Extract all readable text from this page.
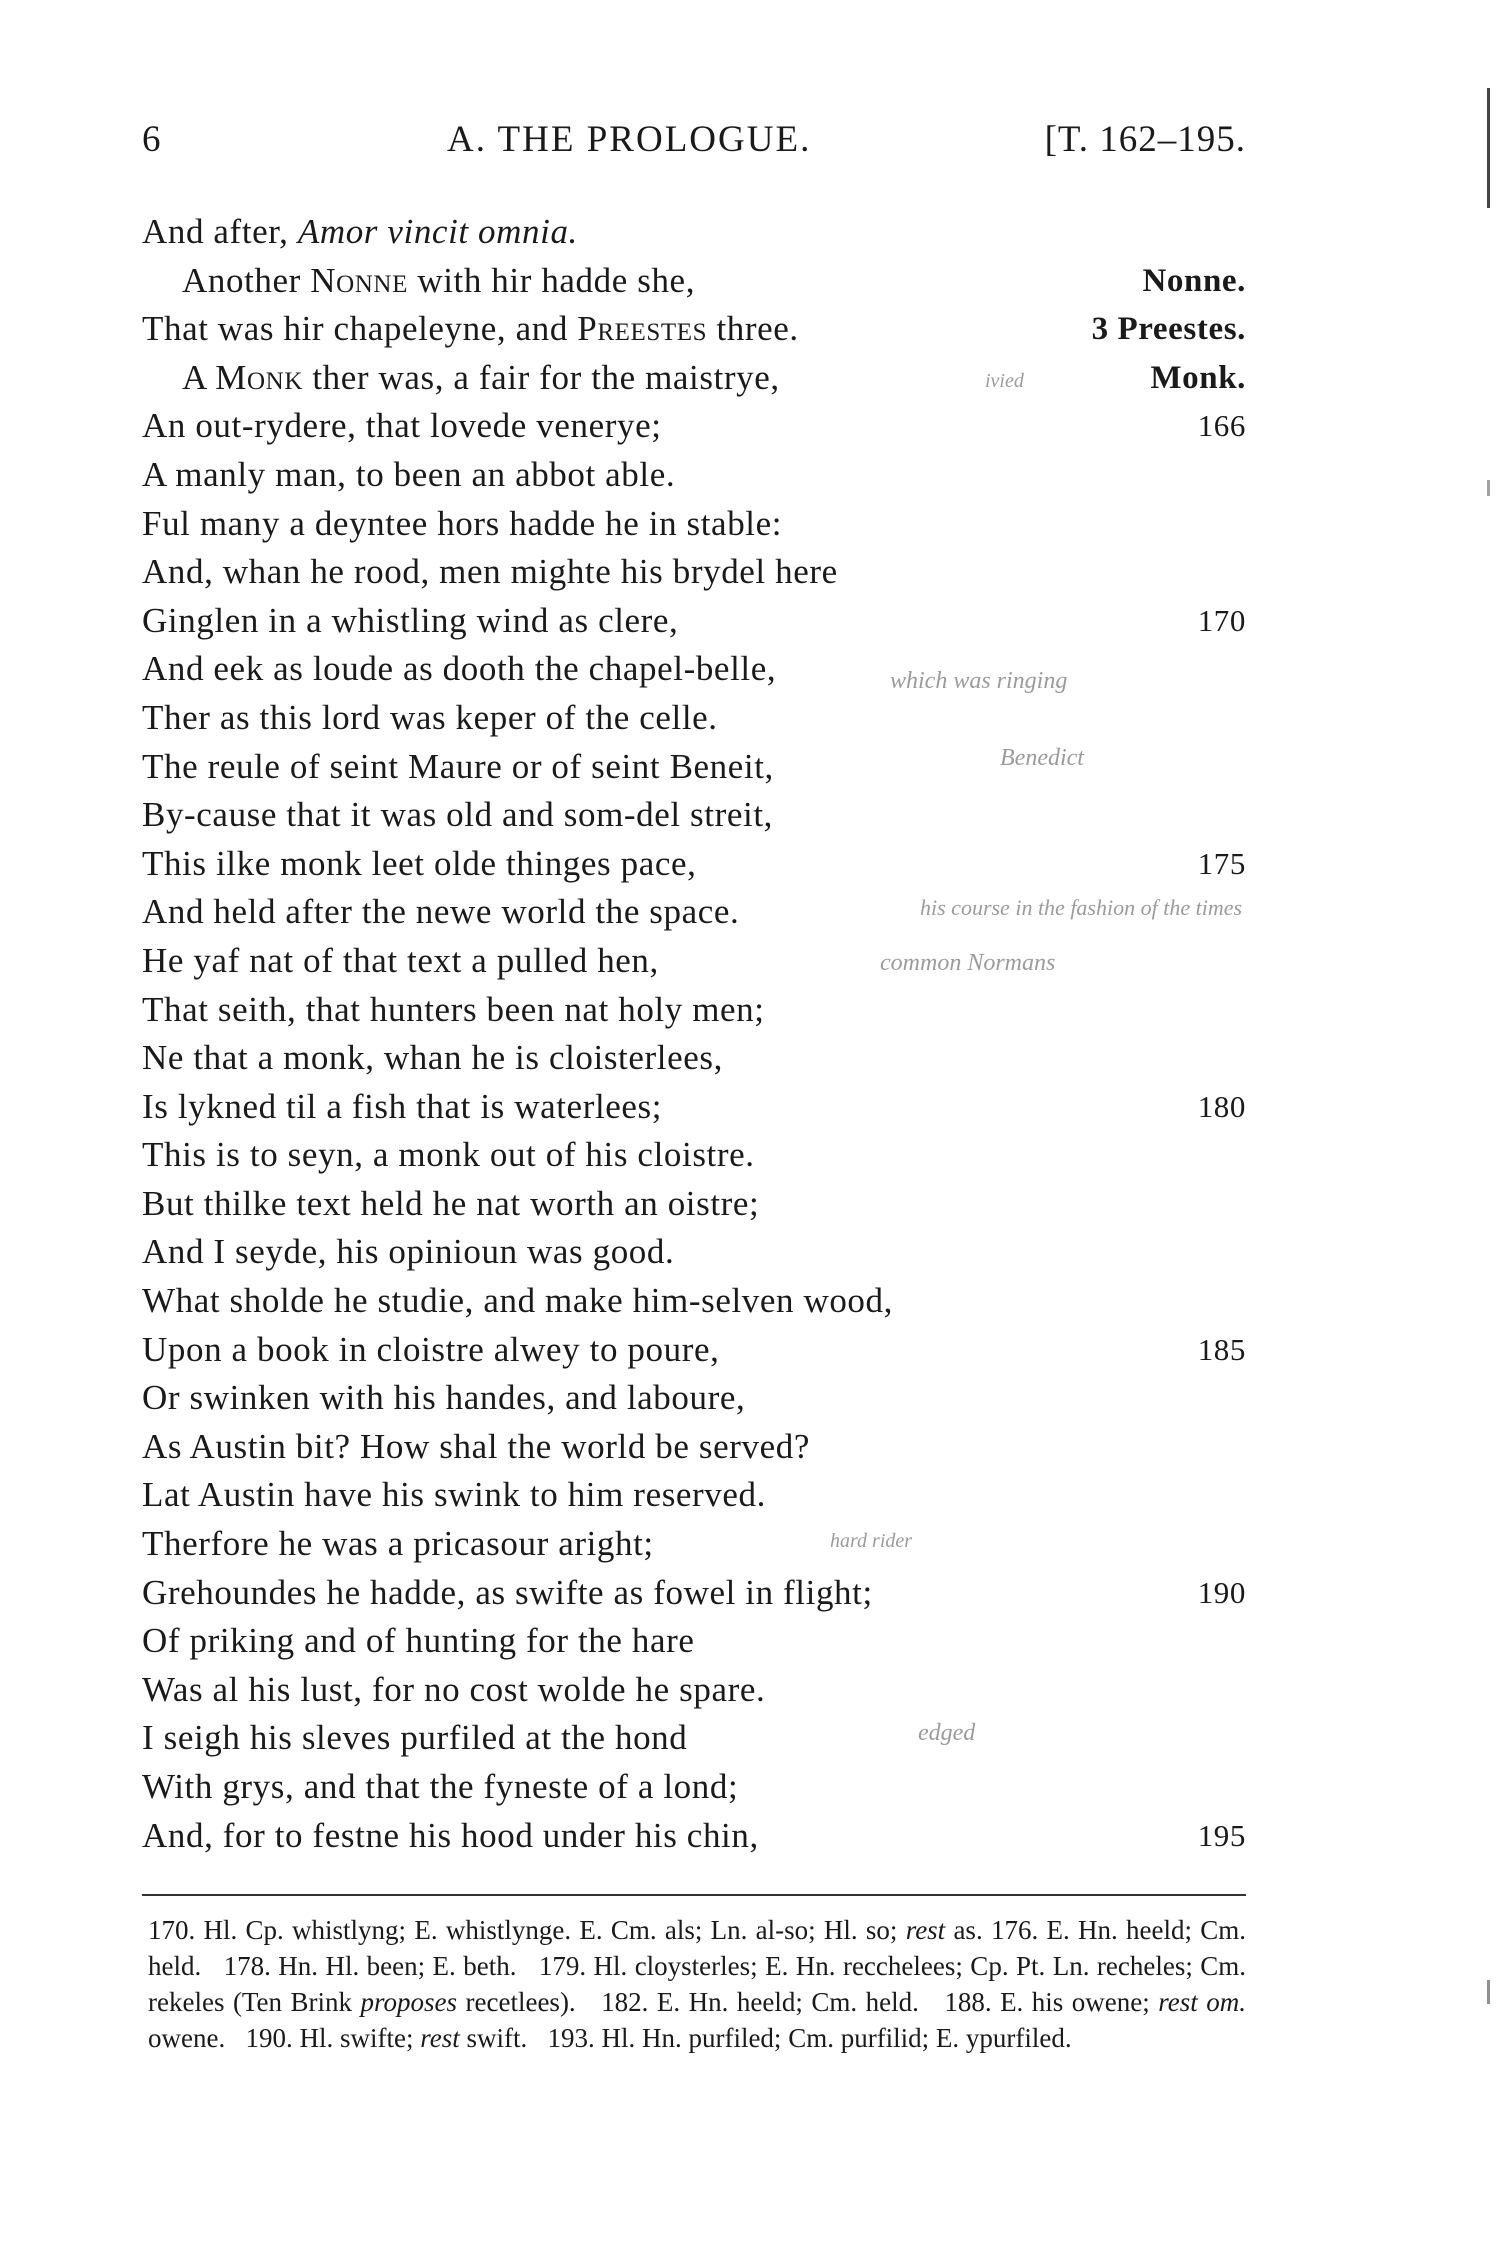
6	A. THE PROLOGUE.	[T. 162–195.
And after, Amor vincit omnia.
Another Nonne with hir hadde she,	Nonne.
That was hir chapeleyne, and Preestes three.	3 Preestes.
A Monk ther was, a fair for the maistrye,	Monk.
An out-rydere, that lovede venerye;	166
A manly man, to been an abbot able.
Ful many a deyntee hors hadde he in stable:
And, whan he rood, men mighte his brydel here
Ginglen in a whistling wind as clere,	170
And eek as loude as dooth the chapel-belle,
Ther as this lord was keper of the celle.
The reule of seint Maure or of seint Beneit,
By-cause that it was old and som-del streit,
This ilke monk leet olde thinges pace,	175
And held after the newe world the space.
He yaf nat of that text a pulled hen,
That seith, that hunters been nat holy men;
Ne that a monk, whan he is cloisterlees,
Is lykned til a fish that is waterlees;	180
This is to seyn, a monk out of his cloistre.
But thilke text held he nat worth an oistre;
And I seyde, his opinioun was good.
What sholde he studie, and make him-selven wood,
Upon a book in cloistre alwey to poure,	185
Or swinken with his handes, and laboure,
As Austin bit? How shal the world be served?
Lat Austin have his swink to him reserved.
Therfore he was a pricasour aright;
Grehoundes he hadde, as swifte as fowel in flight;	190
Of priking and of hunting for the hare
Was al his lust, for no cost wolde he spare.
I seigh his sleves purfiled at the hond
With grys, and that the fyneste of a lond;
And, for to festne his hood under his chin,	195
170. Hl. Cp. whistlyng; E. whistlynge. E. Cm. als; Ln. al-so; Hl. so; rest as. 176. E. Hn. heeld; Cm. held. 178. Hn. Hl. been; E. beth. 179. Hl. cloysterles; E. Hn. recchelees; Cp. Pt. Ln. recheles; Cm. rekeles (Ten Brink proposes recetlees). 182. E. Hn. heeld; Cm. held. 188. E. his owene; rest om. owene. 190. Hl. swifte; rest swift. 193. Hl. Hn. purfiled; Cm. purfilid; E. ypurfiled.
ivied
which was ringing
Benedict
his course in the fashion of the times
common Normans
hard rider
edged
